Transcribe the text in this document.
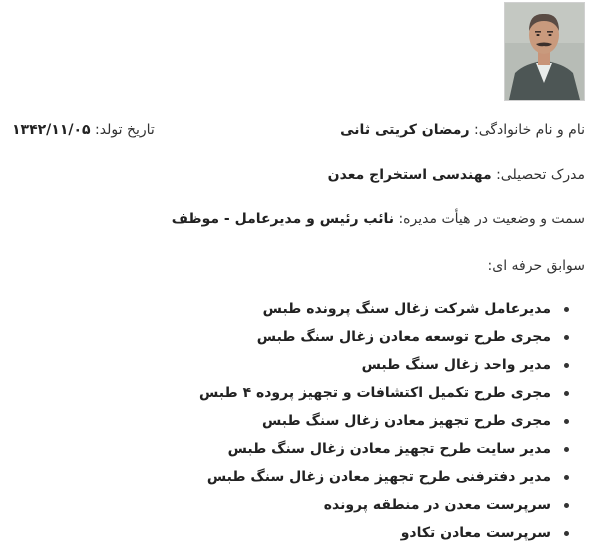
نام و نام خانوادگی: رمضان کریتی ثانی
تاریخ تولد: ۱۳۴۲/۱۱/۰۵
مدرک تحصیلی: مهندسی استخراج معدن
سمت و وضعیت در هیأت مدیره: نائب رئیس و مدیرعامل - موظف
سوابق حرفه ای:
مدیرعامل شرکت زغال سنگ پرونده طبس
مجری طرح توسعه معادن زغال سنگ طبس
مدیر واحد زغال سنگ طبس
مجری طرح تکمیل اکتشافات و تجهیز پروده ۴ طبس
مجری طرح تجهیز معادن زغال سنگ طبس
مدیر سایت طرح تجهیز معادن زغال سنگ طبس
مدیر دفترفنی طرح تجهیز معادن زغال سنگ طبس
سرپرست معدن در منطقه پرونده
سرپرست معادن تکادو
